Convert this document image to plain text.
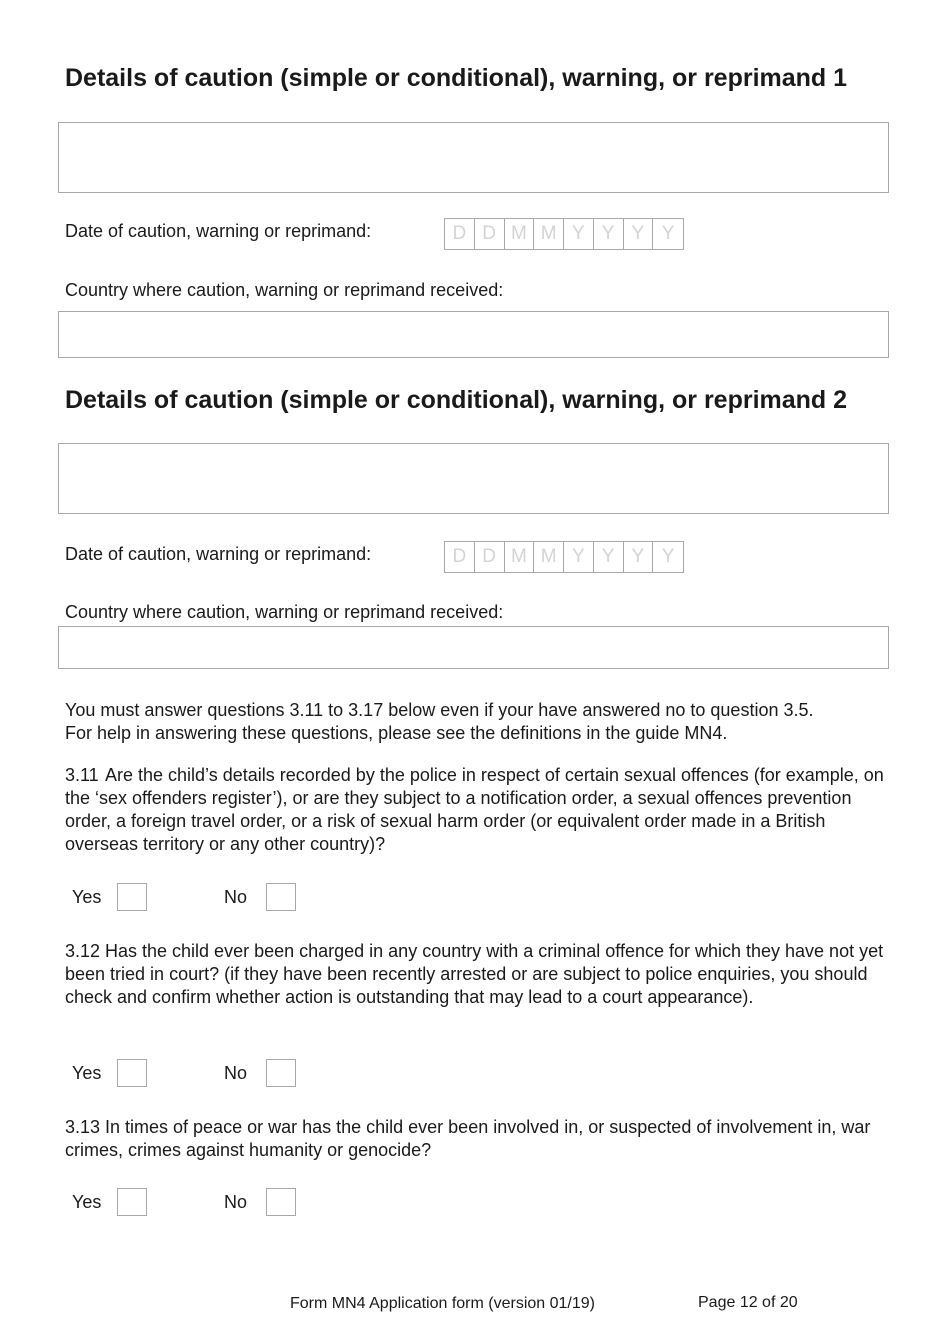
Details of caution (simple or conditional), warning, or reprimand 1
Date of caution, warning or reprimand:	D D M M Y Y Y Y
Country where caution, warning or reprimand received:
Details of caution (simple or conditional), warning, or reprimand 2
Date of caution, warning or reprimand:	D D M M Y Y Y Y
Country where caution, warning or reprimand received:
You must answer questions 3.11 to 3.17 below even if your have answered no to question 3.5.
For help in answering these questions, please see the definitions in the guide MN4.
3.11 Are the child’s details recorded by the police in respect of certain sexual offences (for example, on the ‘sex offenders register’), or are they subject to a notification order, a sexual offences prevention order, a foreign travel order, or a risk of sexual harm order (or equivalent order made in a British overseas territory or any other country)?
Yes	No
3.12 Has the child ever been charged in any country with a criminal offence for which they have not yet been tried in court? (if they have been recently arrested or are subject to police enquiries, you should check and confirm whether action is outstanding that may lead to a court appearance).
Yes	No
3.13 In times of peace or war has the child ever been involved in, or suspected of involvement in, war crimes, crimes against humanity or genocide?
Yes	No
Form MN4 Application form (version 01/19)	Page 12 of 20
